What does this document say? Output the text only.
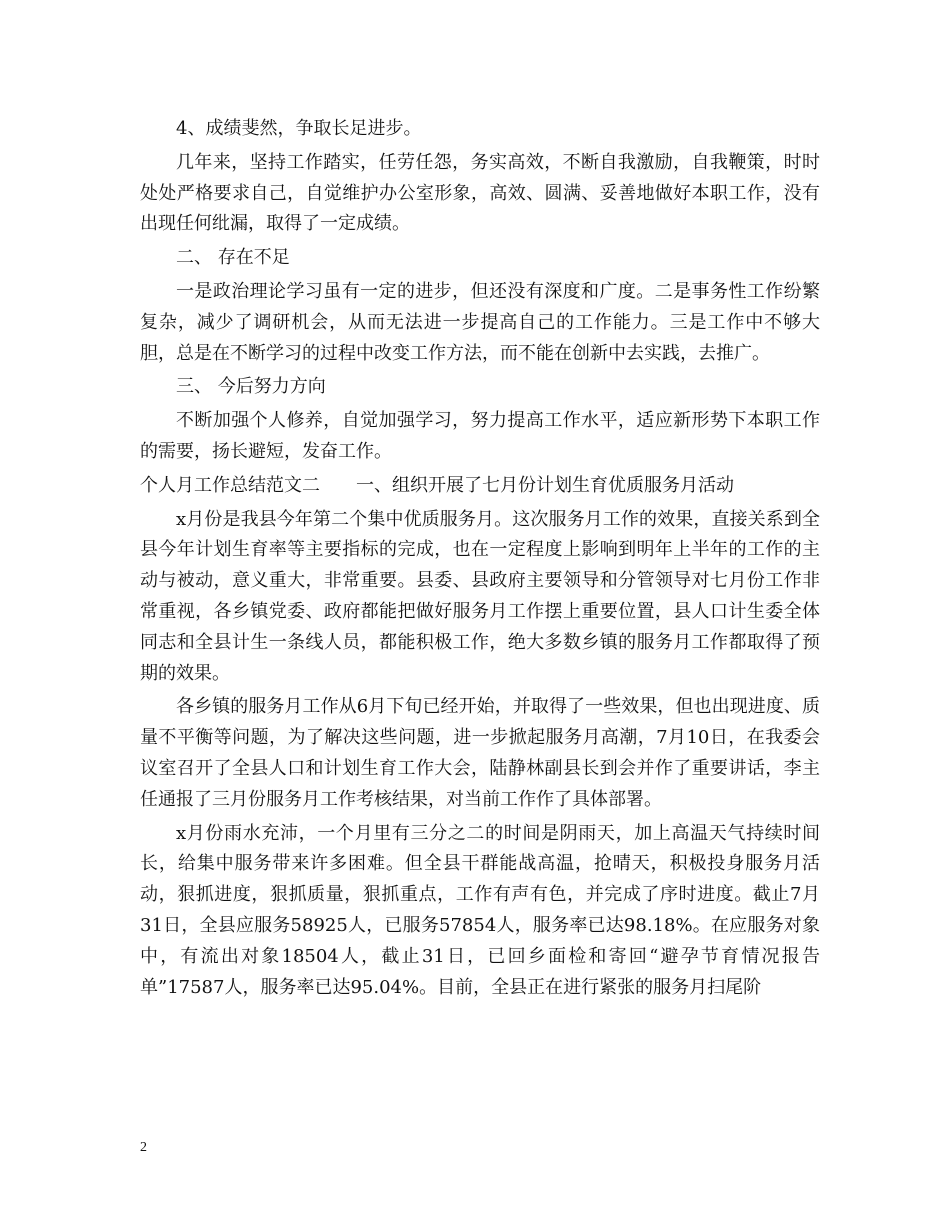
4、成绩斐然，争取长足进步。

几年来，坚持工作踏实，任劳任怨，务实高效，不断自我激励，自我鞭策，时时处处严格要求自己，自觉维护办公室形象，高效、圆满、妥善地做好本职工作，没有出现任何纰漏，取得了一定成绩。

二、 存在不足

一是政治理论学习虽有一定的进步，但还没有深度和广度。二是事务性工作纷繁复杂，减少了调研机会，从而无法进一步提高自己的工作能力。三是工作中不够大胆，总是在不断学习的过程中改变工作方法，而不能在创新中去实践，去推广。

三、 今后努力方向

不断加强个人修养，自觉加强学习，努力提高工作水平，适应新形势下本职工作的需要，扬长避短，发奋工作。

个人月工作总结范文二　　一、组织开展了七月份计划生育优质服务月活动

x月份是我县今年第二个集中优质服务月。这次服务月工作的效果，直接关系到全县今年计划生育率等主要指标的完成，也在一定程度上影响到明年上半年的工作的主动与被动，意义重大，非常重要。县委、县政府主要领导和分管领导对七月份工作非常重视，各乡镇党委、政府都能把做好服务月工作摆上重要位置，县人口计生委全体同志和全县计生一条线人员，都能积极工作，绝大多数乡镇的服务月工作都取得了预期的效果。

各乡镇的服务月工作从6月下旬已经开始，并取得了一些效果，但也出现进度、质量不平衡等问题，为了解决这些问题，进一步掀起服务月高潮，7月10日，在我委会议室召开了全县人口和计划生育工作大会，陆静林副县长到会并作了重要讲话，李主任通报了三月份服务月工作考核结果，对当前工作作了具体部署。

x月份雨水充沛，一个月里有三分之二的时间是阴雨天，加上高温天气持续时间长，给集中服务带来许多困难。但全县干群能战高温，抢晴天，积极投身服务月活动，狠抓进度，狠抓质量，狠抓重点，工作有声有色，并完成了序时进度。截止7月31日，全县应服务58925人，已服务57854人，服务率已达98.18%。在应服务对象中，有流出对象18504人，截止31日，已回乡面检和寄回“避孕节育情况报告单”17587人，服务率已达95.04%。目前，全县正在进行紧张的服务月扫尾阶

2
